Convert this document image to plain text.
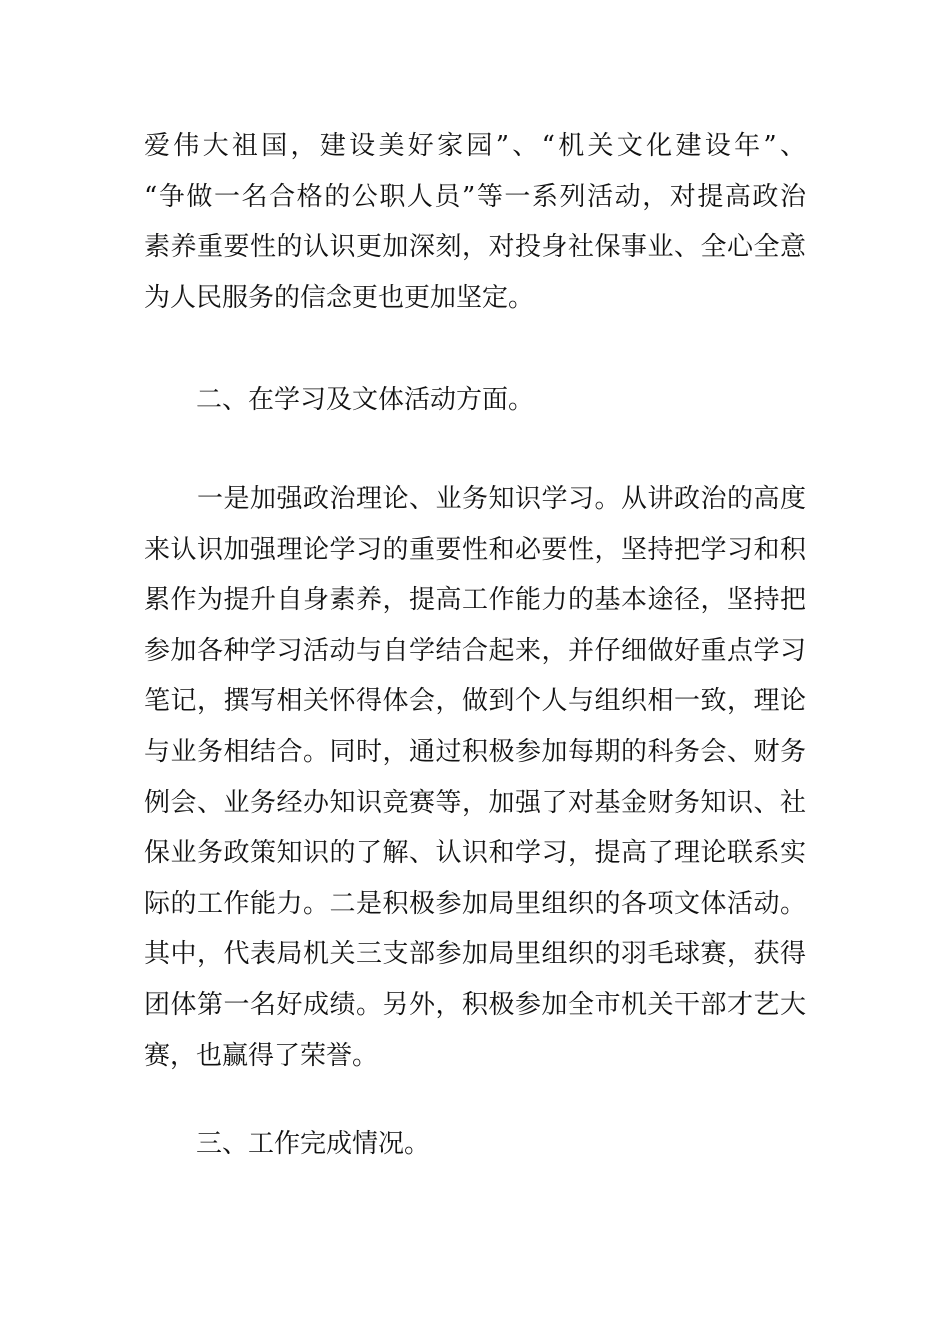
爱伟大祖国，建设美好家园”、“机关文化建设年”、
“争做一名合格的公职人员”等一系列活动，对提高政治
素养重要性的认识更加深刻，对投身社保事业、全心全意
为人民服务的信念更也更加坚定。
二、在学习及文体活动方面。
　　一是加强政治理论、业务知识学习。从讲政治的高度
来认识加强理论学习的重要性和必要性，坚持把学习和积
累作为提升自身素养，提高工作能力的基本途径，坚持把
参加各种学习活动与自学结合起来，并仔细做好重点学习
笔记，撰写相关怀得体会，做到个人与组织相一致，理论
与业务相结合。同时，通过积极参加每期的科务会、财务
例会、业务经办知识竞赛等，加强了对基金财务知识、社
保业务政策知识的了解、认识和学习，提高了理论联系实
际的工作能力。二是积极参加局里组织的各项文体活动。
其中，代表局机关三支部参加局里组织的羽毛球赛，获得
团体第一名好成绩。另外，积极参加全市机关干部才艺大
赛，也赢得了荣誉。
三、工作完成情况。
